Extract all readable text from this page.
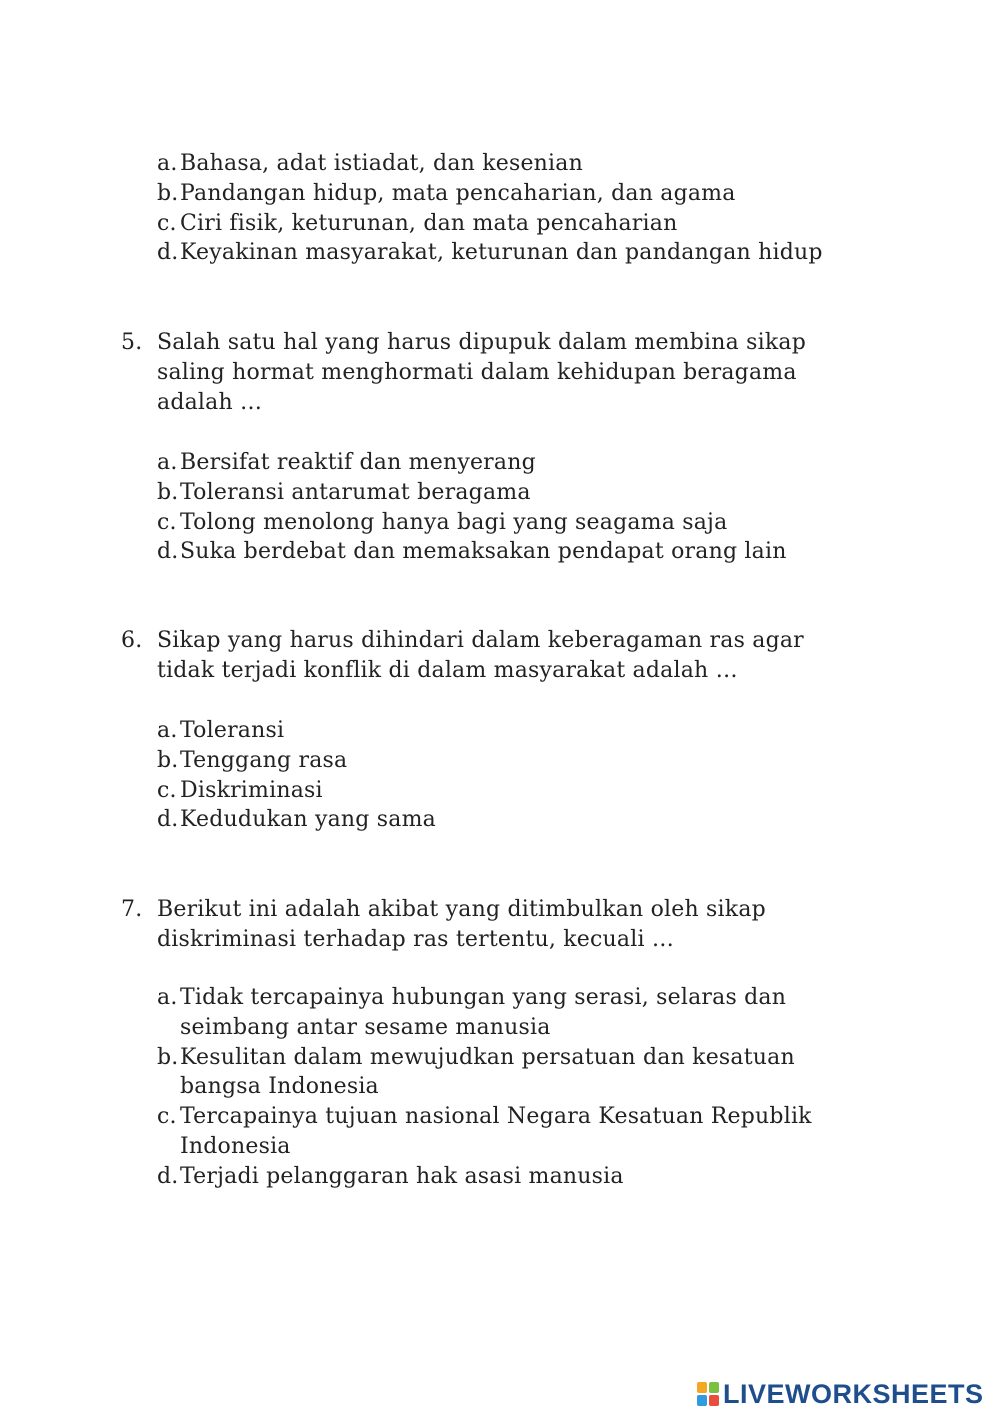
a. Bahasa, adat istiadat, dan kesenian
b. Pandangan hidup, mata pencaharian, dan agama
c. Ciri fisik, keturunan, dan mata pencaharian
d. Keyakinan masyarakat, keturunan dan pandangan hidup
5. Salah satu hal yang harus dipupuk dalam membina sikap saling hormat menghormati dalam kehidupan beragama adalah …
a. Bersifat reaktif dan menyerang
b. Toleransi antarumat beragama
c. Tolong menolong hanya bagi yang seagama saja
d. Suka berdebat dan memaksakan pendapat orang lain
6. Sikap yang harus dihindari dalam keberagaman ras agar tidak terjadi konflik di dalam masyarakat adalah …
a. Toleransi
b. Tenggang rasa
c. Diskriminasi
d. Kedudukan yang sama
7. Berikut ini adalah akibat yang ditimbulkan oleh sikap diskriminasi terhadap ras tertentu, kecuali …
a. Tidak tercapainya hubungan yang serasi, selaras dan seimbang antar sesame manusia
b. Kesulitan dalam mewujudkan persatuan dan kesatuan bangsa Indonesia
c. Tercapainya tujuan nasional Negara Kesatuan Republik Indonesia
d. Terjadi pelanggaran hak asasi manusia
LIVEWORKSHEETS
